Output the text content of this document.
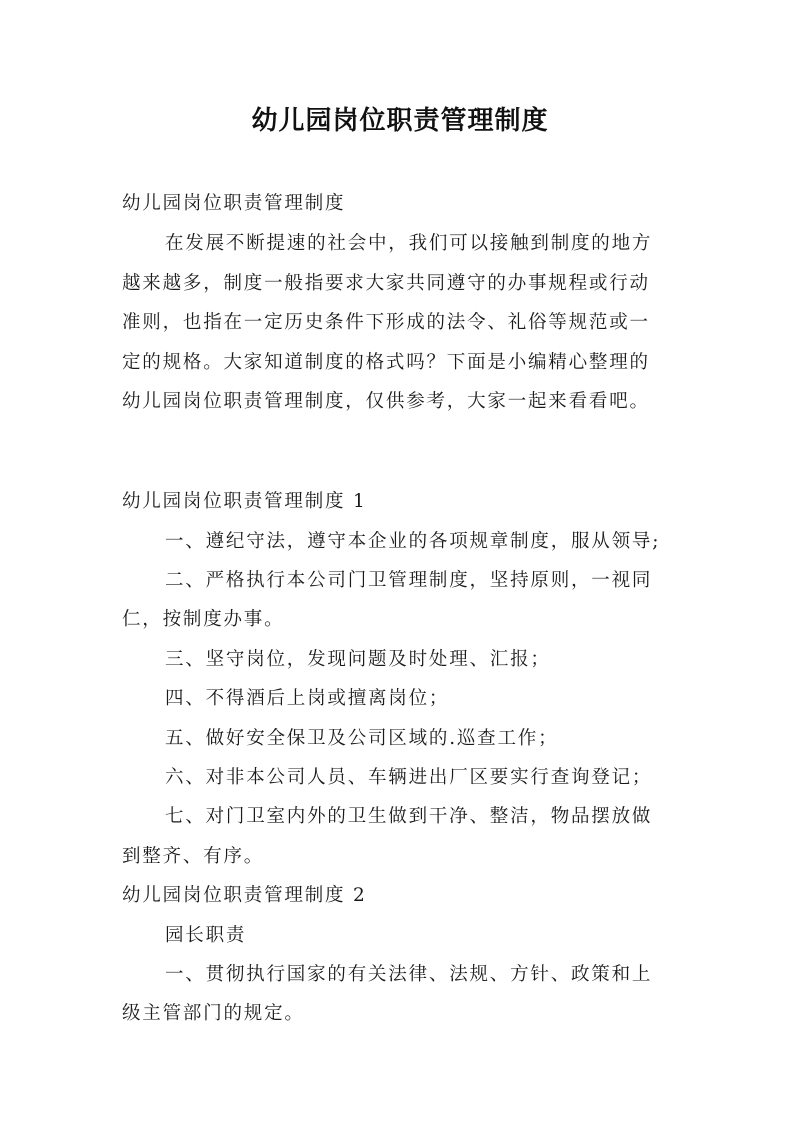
幼儿园岗位职责管理制度
幼儿园岗位职责管理制度
在发展不断提速的社会中，我们可以接触到制度的地方
越来越多，制度一般指要求大家共同遵守的办事规程或行动
准则，也指在一定历史条件下形成的法令、礼俗等规范或一
定的规格。大家知道制度的格式吗？下面是小编精心整理的
幼儿园岗位职责管理制度，仅供参考，大家一起来看看吧。
幼儿园岗位职责管理制度 1
一、遵纪守法，遵守本企业的各项规章制度，服从领导;
二、严格执行本公司门卫管理制度，坚持原则，一视同
仁，按制度办事。
三、坚守岗位，发现问题及时处理、汇报；
四、不得酒后上岗或擅离岗位；
五、做好安全保卫及公司区域的.巡查工作；
六、对非本公司人员、车辆进出厂区要实行查询登记；
七、对门卫室内外的卫生做到干净、整洁，物品摆放做
到整齐、有序。
幼儿园岗位职责管理制度 2
园长职责
一、贯彻执行国家的有关法律、法规、方针、政策和上
级主管部门的规定。
